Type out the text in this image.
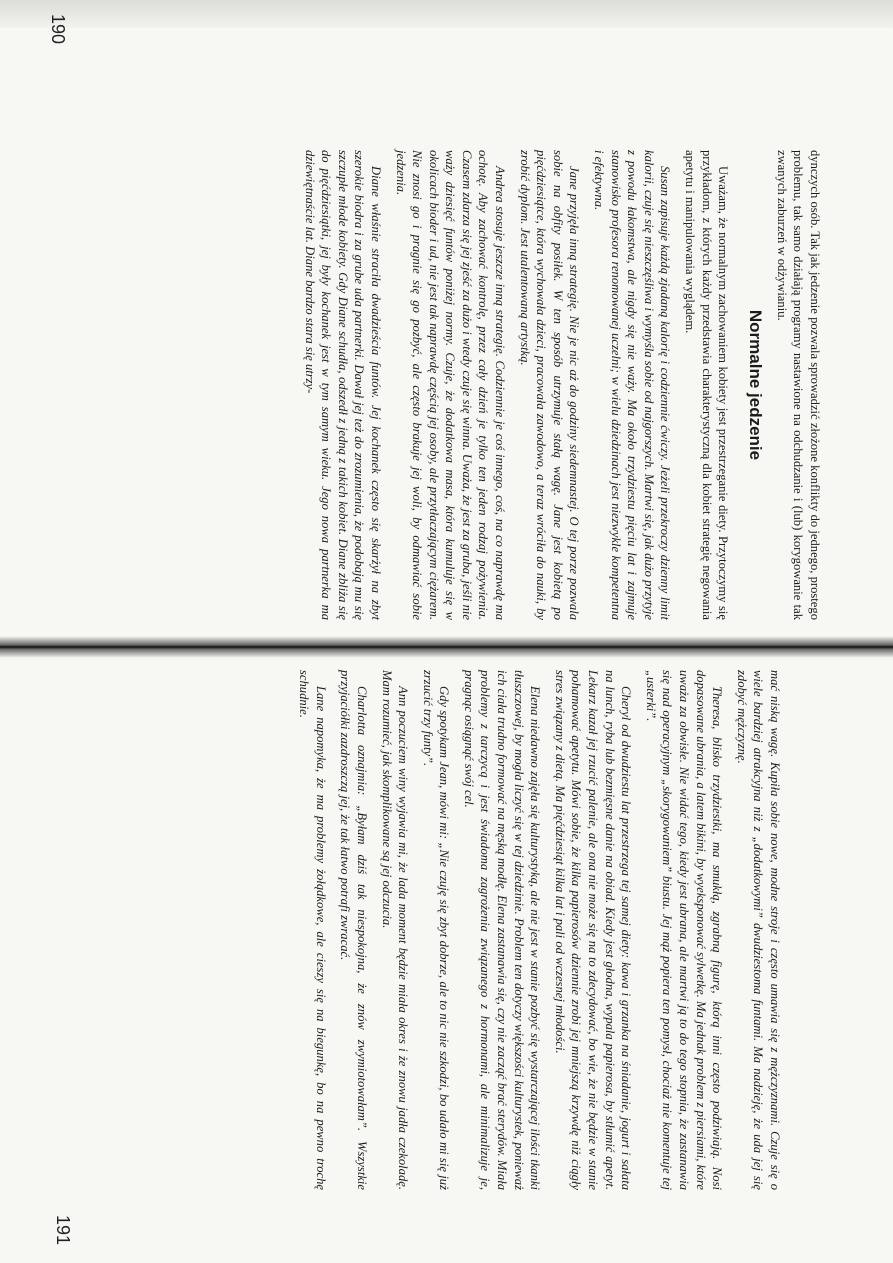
190

dynczych osób. Tak jak jedzenie pozwala sprowadzić złożone konflikty do jednego, prostego problemu, tak samo działają programy nastawione na odchudzanie i (lub) korygowanie tak zwanych zaburzeń w odżywianiu.

Normalne jedzenie

Uważam, że normalnym zachowaniem kobiety jest przestrzeganie diety. Przytoczymy się przykładom, z których każdy przedstawia charakterystyczną dla kobiet strategię negowania apetytu i manipulowania wyglądem.

Susan zapisuje każdą zjadaną kalorię i codziennie ćwiczy. Jeżeli przekroczy dzienny limit kalorii, czuje się nieszczęśliwa i wymyśla sobie od najgorszych. Martwi się, jak dużo przytyje z powodu łakomstwa, ale nigdy się nie waży. Ma około trzydziestu pięciu lat i zajmuje stanowisko profesora renomowanej uczelni; w wielu dziedzinach jest niezwykle kompetentna i efektywna.

Jane przyjęła inną strategię. Nie je nic aż do godziny siedemnastej. O tej porze pozwala sobie na obfity posiłek. W ten sposób utrzymuje stałą wagę. Jane jest kobietą po pięćdziesiątce, która wychowała dzieci, pracowała zawodowo, a teraz wróciła do nauki, by zrobić dyplom. Jest utalentowaną artystką.

Andrea stosuje jeszcze inną strategię. Codziennie je coś innego, coś, na co naprawdę ma ochotę. Aby zachować kontrolę, przez cały dzień je tylko ten jeden rodzaj pożywienia. Czasem zdarza się jej zjeść za dużo i wtedy czuje się winna. Uważa, że jest za gruba, jeśli nie waży dziesięć funtów poniżej normy. Czuje, że dodatkowa masa, która kumuluje się w okolicach bioder i ud, nie jest tak naprawdę częścią jej osoby, ale przytłaczającym ciężarem. Nie znosi go i pragnie się go pozbyć, ale często brakuje jej woli, by odmawiać sobie jedzenia.

Diane właśnie straciła dwadzieścia funtów. Jej kochanek często się skarżył na zbyt szerokie biodra i za grube uda partnerki. Dawał jej też do zrozumienia, że podobają mu się szczupłe młode kobiety. Gdy Diane schudła, odszedł z jedną z takich kobiet. Diane zbliża się do pięćdziesiątki, jej były kochanek jest w tym samym wieku. Jego nowa partnerka ma dziewiętnaście lat. Diane bardzo stara się utrzy-

mać niską wagę. Kupiła sobie nowe, modne stroje i często umawia się z mężczyznami. Czuje się o wiele bardziej atrakcyjna niż z „dodatkowymi” dwudziestoma funtami. Ma nadzieję, że uda jej się zdobyć mężczyznę.

Theresa, blisko trzydziestki, ma smukłą, zgrabną figurę, którą inni często podziwiają. Nosi dopasowane ubrania, a latem bikini, by wyeksponować sylwetkę. Ma jednak problem z piersiami, które uważa za obwisłe. Nie widać tego, kiedy jest ubrana, ale martwi ją to do tego stopnia, że zastanawia się nad operacyjnym „skorygowaniem” biustu. Jej mąż popiera ten pomysł, chociaż nie komentuje tej „usterki”.

Cheryl od dwudziestu lat przestrzega tej samej diety: kawa i grzanka na śniadanie, jogurt i sałata na lunch, ryba lub bezmięsne danie na obiad. Kiedy jest głodna, wypala papierosa, by stłumić apetyt. Lekarz kazał jej rzucić palenie, ale ona nie może się na to zdecydować, bo wie, że nie będzie w stanie pohamować apetytu. Mówi sobie, że kilka papierosów dziennie zrobi jej mniejszą krzywdę niż ciągły stres związany z dietą. Ma pięćdziesiąt kilka lat i pali od wczesnej młodości.

Elena niedawno zajęła się kulturystyką, ale nie jest w stanie pozbyć się wystarczającej ilości tkanki tłuszczowej, by mogła liczyć się w tej dziedzinie. Problem ten dotyczy większości kulturystek, ponieważ ich ciała trudno formować na męską modłę. Elena zastanawia się, czy nie zacząć brać sterydów. Miała problemy z tarczycą i jest świadoma zagrożenia związanego z hormonami, ale minimalizuje je, pragnąc osiągnąć swój cel.

Gdy spotykam Jean, mówi mi: „Nie czuję się zbyt dobrze, ale to nic nie szkodzi, bo udało mi się już zrzucić trzy funty”.

Ann poczuciem winy wyjawia mi, że lada moment będzie miała okres i że znowu jadła czekoladę. Mam rozumieć, jak skomplikowane są jej odczucia.

Charlotta oznajmia: „Byłam dziś tak niespokojna, że znów zwymiotowałam”. Wszystkie przyjaciółki zazdroszczą jej, że tak łatwo potrafi zwracać.

Lane napomyka, że ma problemy żołądkowe, ale cieszy się na biegunkę, bo na pewno trochę schudnie.

191
